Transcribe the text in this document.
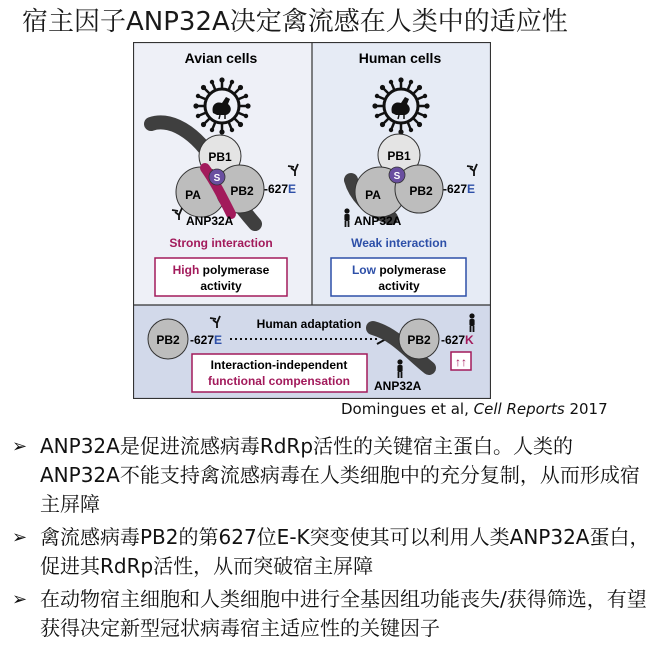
宿主因子ANP32A决定禽流感在人类中的适应性
Avian cells
PB1
PA PB2
S
-627 E
ANP32A
Strong interaction
High polymerase
activity
Human cells
PB1
PA PB2
S
-627 E
ANP32A
Weak interaction
Low polymerase
activity
PB2 -627 E
Human adaptation
PB2 -627 K
↑↑
ANP32A
Interaction-independent
functional compensation
Domingues et al, Cell Reports 2017
➢ ANP32A是促进流感病毒RdRp活性的关键宿主蛋白。人类的ANP32A不能支持禽流感病毒在人类细胞中的充分复制，从而形成宿主屏障
➢ 禽流感病毒PB2的第627位E-K突变使其可以利用人类ANP32A蛋白，促进其RdRp活性，从而突破宿主屏障
➢ 在动物宿主细胞和人类细胞中进行全基因组功能丧失/获得筛选，有望获得决定新型冠状病毒宿主适应性的关键因子
